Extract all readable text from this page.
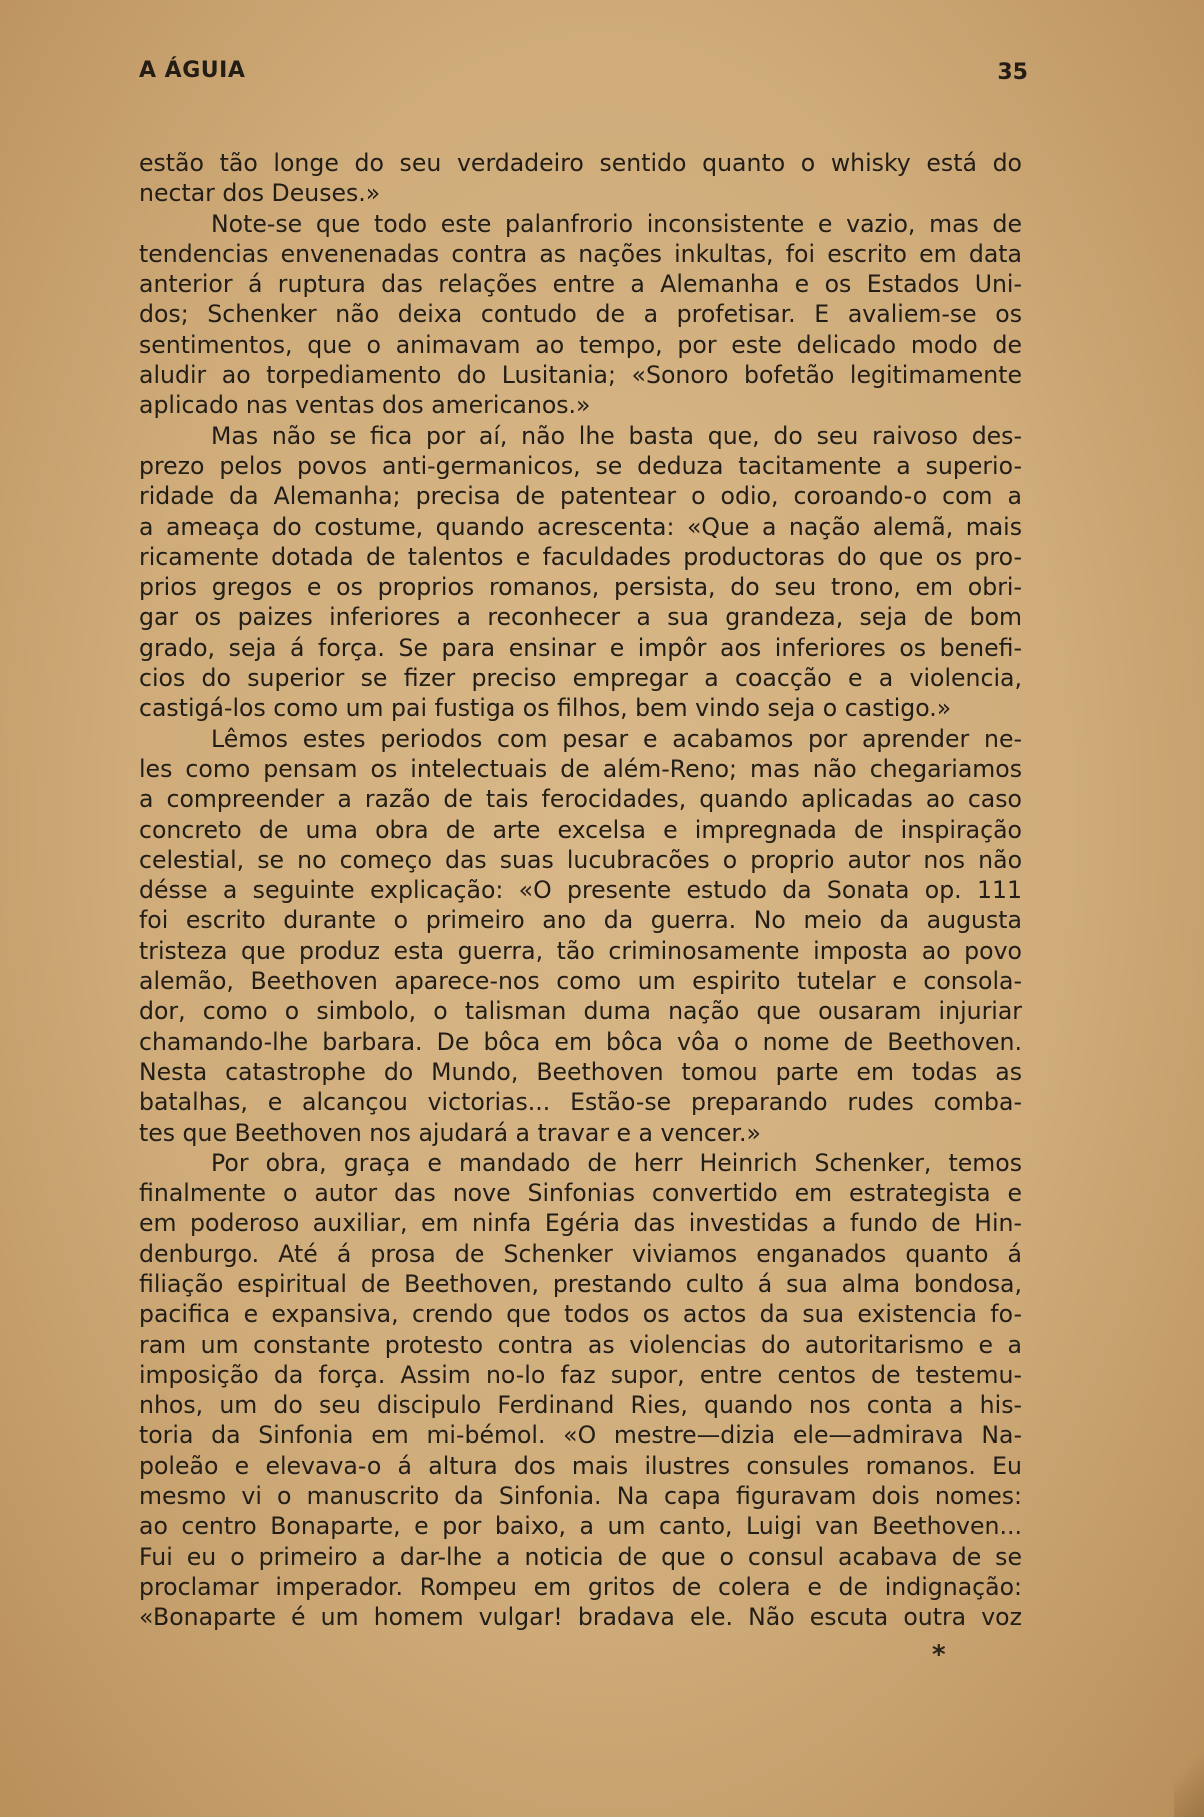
A ÁGUIA	35
estão tão longe do seu verdadeiro sentido quanto o whisky está do
nectar dos Deuses.»
Note-se que todo este palanfrorio inconsistente e vazio, mas de
tendencias envenenadas contra as nações inkultas, foi escrito em data
anterior á ruptura das relações entre a Alemanha e os Estados Uni-
dos; Schenker não deixa contudo de a profetisar. E avaliem-se os
sentimentos, que o animavam ao tempo, por este delicado modo de
aludir ao torpediamento do Lusitania; «Sonoro bofetão legitimamente
aplicado nas ventas dos americanos.»
Mas não se fica por aí, não lhe basta que, do seu raivoso des-
prezo pelos povos anti-germanicos, se deduza tacitamente a superio-
ridade da Alemanha; precisa de patentear o odio, coroando-o com a
a ameaça do costume, quando acrescenta: «Que a nação alemã, mais
ricamente dotada de talentos e faculdades productoras do que os pro-
prios gregos e os proprios romanos, persista, do seu trono, em obri-
gar os paizes inferiores a reconhecer a sua grandeza, seja de bom
grado, seja á força. Se para ensinar e impôr aos inferiores os benefi-
cios do superior se fizer preciso empregar a coacção e a violencia,
castigá-los como um pai fustiga os filhos, bem vindo seja o castigo.»
Lêmos estes periodos com pesar e acabamos por aprender ne-
les como pensam os intelectuais de além-Reno; mas não chegariamos
a compreender a razão de tais ferocidades, quando aplicadas ao caso
concreto de uma obra de arte excelsa e impregnada de inspiração
celestial, se no começo das suas lucubracões o proprio autor nos não
désse a seguinte explicação: «O presente estudo da Sonata op. 111
foi escrito durante o primeiro ano da guerra. No meio da augusta
tristeza que produz esta guerra, tão criminosamente imposta ao povo
alemão, Beethoven aparece-nos como um espirito tutelar e consola-
dor, como o simbolo, o talisman duma nação que ousaram injuriar
chamando-lhe barbara. De bôca em bôca vôa o nome de Beethoven.
Nesta catastrophe do Mundo, Beethoven tomou parte em todas as
batalhas, e alcançou victorias... Estão-se preparando rudes comba-
tes que Beethoven nos ajudará a travar e a vencer.»
Por obra, graça e mandado de herr Heinrich Schenker, temos
finalmente o autor das nove Sinfonias convertido em estrategista e
em poderoso auxiliar, em ninfa Egéria das investidas a fundo de Hin-
denburgo. Até á prosa de Schenker viviamos enganados quanto á
filiação espiritual de Beethoven, prestando culto á sua alma bondosa,
pacifica e expansiva, crendo que todos os actos da sua existencia fo-
ram um constante protesto contra as violencias do autoritarismo e a
imposição da força. Assim no-lo faz supor, entre centos de testemu-
nhos, um do seu discipulo Ferdinand Ries, quando nos conta a his-
toria da Sinfonia em mi-bémol. «O mestre—dizia ele—admirava Na-
poleão e elevava-o á altura dos mais ilustres consules romanos. Eu
mesmo vi o manuscrito da Sinfonia. Na capa figuravam dois nomes:
ao centro Bonaparte, e por baixo, a um canto, Luigi van Beethoven...
Fui eu o primeiro a dar-lhe a noticia de que o consul acabava de se
proclamar imperador. Rompeu em gritos de colera e de indignação:
«Bonaparte é um homem vulgar! bradava ele. Não escuta outra voz
*
